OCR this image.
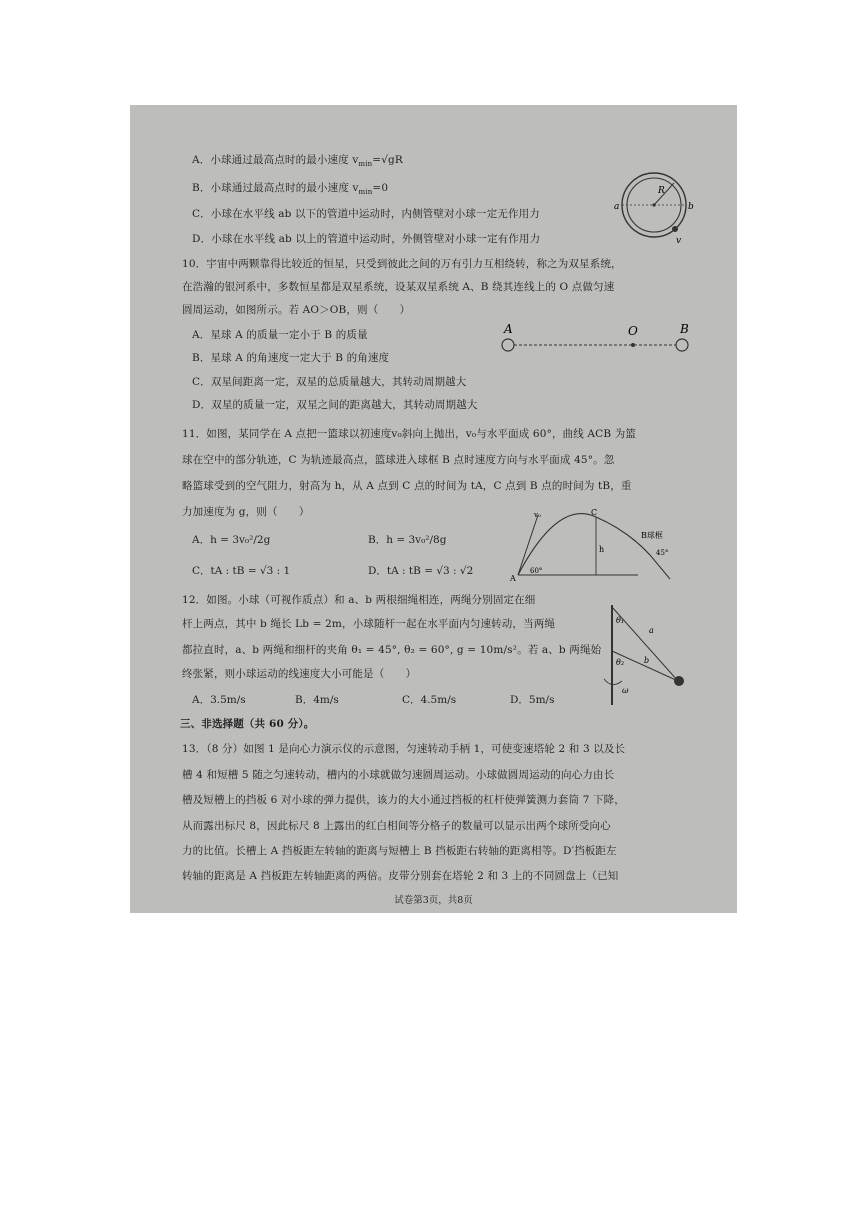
A．小球通过最高点时的最小速度 $v_{min}=√gR$
B．小球通过最高点时的最小速度 $v_{min}=0$
C．小球在水平线 ab 以下的管道中运动时，内侧管壁对小球一定无作用力
D．小球在水平线 ab 以上的管道中运动时，外侧管壁对小球一定有作用力
R
a	b
v
10．宇宙中两颗靠得比较近的恒星，只受到彼此之间的万有引力互相绕转，称之为双星系统，
在浩瀚的银河系中，多数恒星都是双星系统，设某双星系统 A、B 绕其连线上的 O 点做匀速
圆周运动，如图所示。若 AO＞OB，则（　　）
A．星球 A 的质量一定小于 B 的质量
B．星球 A 的角速度一定大于 B 的角速度
C．双星间距离一定，双星的总质量越大，其转动周期越大
D．双星的质量一定，双星之间的距离越大，其转动周期越大
A	O	B
11．如图，某同学在 A 点把一篮球以初速度v₀斜向上抛出，v₀与水平面成 60°，曲线 ACB 为篮
球在空中的部分轨迹，C 为轨迹最高点，篮球进入球框 B 点时速度方向与水平面成 45°。忽
略篮球受到的空气阻力，射高为 h，从 A 点到 C 点的时间为 tA，C 点到 B 点的时间为 tB，重
力加速度为 g，则（　　）
A．h = 3v₀²/2g	B．h = 3v₀²/8g
C．tA : tB = √3 : 1	D．tA : tB = √3 : √2
v₀	C
B球框
h
A
60°
45°
12．如图。小球（可视作质点）和 a、b 两根细绳相连，两绳分别固定在细
杆上两点，其中 b 绳长 Lb = 2m，小球随杆一起在水平面内匀速转动，当两绳
都拉直时，a、b 两绳和细杆的夹角 θ₁ = 45°, θ₂ = 60°, g = 10m/s²。若 a、b 两绳始
终张紧，则小球运动的线速度大小可能是（　　）
A．3.5m/s	B．4m/s	C．4.5m/s	D．5m/s
θ₁
θ₂
a
b
ω
三、非选择题（共 60 分）。
13．（8 分）如图 1 是向心力演示仪的示意图，匀速转动手柄 1，可使变速塔轮 2 和 3 以及长
槽 4 和短槽 5 随之匀速转动，槽内的小球就做匀速圆周运动。小球做圆周运动的向心力由长
槽及短槽上的挡板 6 对小球的弹力提供，该力的大小通过挡板的杠杆使弹簧测力套筒 7 下降，
从而露出标尺 8，因此标尺 8 上露出的红白相间等分格子的数量可以显示出两个球所受向心
力的比值。长槽上 A 挡板距左转轴的距离与短槽上 B 挡板距右转轴的距离相等。D′挡板距左
转轴的距离是 A 挡板距左转轴距离的两倍。皮带分别套在塔轮 2 和 3 上的不同圆盘上（已知
试卷第3页，共8页
